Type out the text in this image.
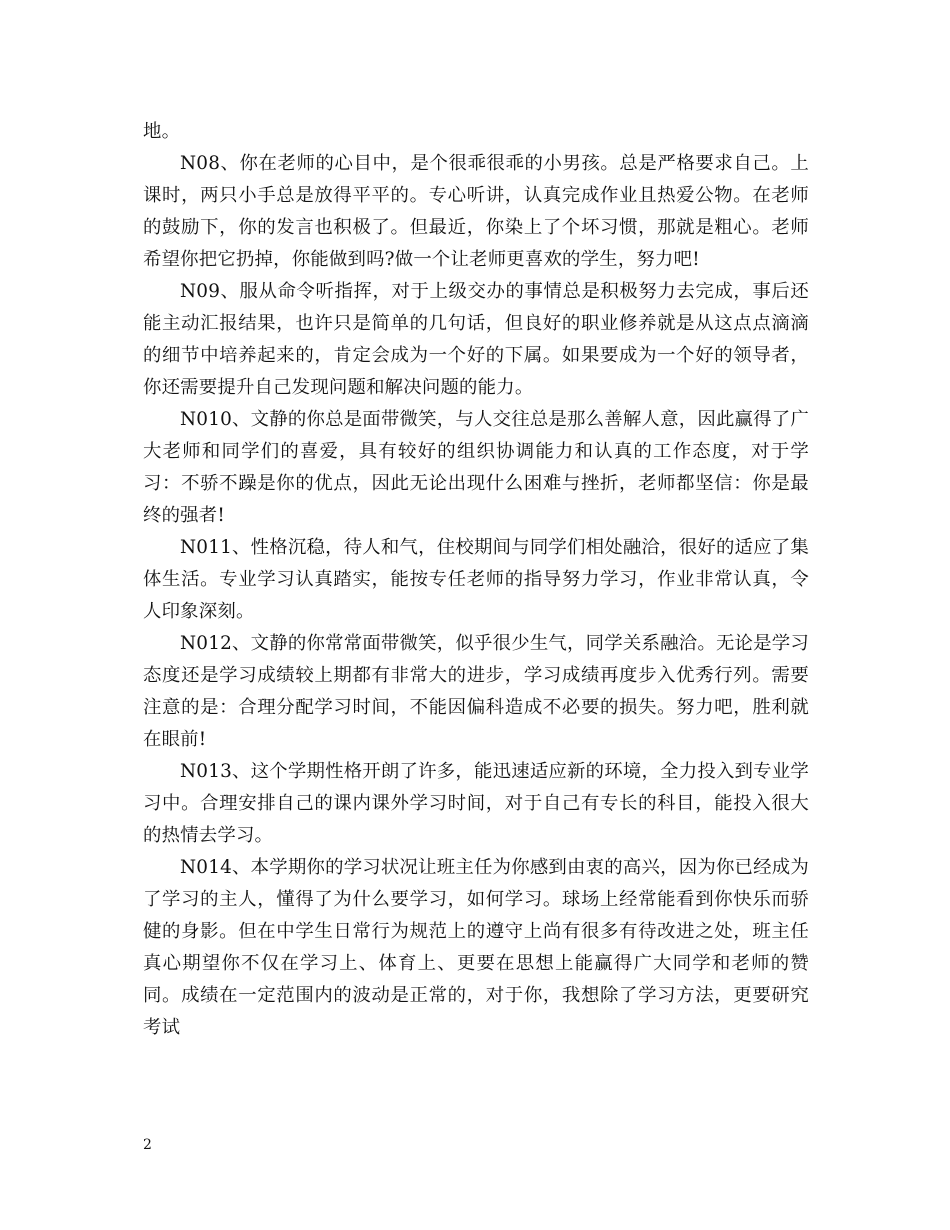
地。

N08、你在老师的心目中，是个很乖很乖的小男孩。总是严格要求自己。上课时，两只小手总是放得平平的。专心听讲，认真完成作业且热爱公物。在老师的鼓励下，你的发言也积极了。但最近，你染上了个坏习惯，那就是粗心。老师希望你把它扔掉，你能做到吗?做一个让老师更喜欢的学生，努力吧!

N09、服从命令听指挥，对于上级交办的事情总是积极努力去完成，事后还能主动汇报结果，也许只是简单的几句话，但良好的职业修养就是从这点点滴滴的细节中培养起来的，肯定会成为一个好的下属。如果要成为一个好的领导者，你还需要提升自己发现问题和解决问题的能力。

N010、文静的你总是面带微笑，与人交往总是那么善解人意，因此赢得了广大老师和同学们的喜爱，具有较好的组织协调能力和认真的工作态度，对于学习：不骄不躁是你的优点，因此无论出现什么困难与挫折，老师都坚信：你是最终的强者!

N011、性格沉稳，待人和气，住校期间与同学们相处融洽，很好的适应了集体生活。专业学习认真踏实，能按专任老师的指导努力学习，作业非常认真，令人印象深刻。

N012、文静的你常常面带微笑，似乎很少生气，同学关系融洽。无论是学习态度还是学习成绩较上期都有非常大的进步，学习成绩再度步入优秀行列。需要注意的是：合理分配学习时间，不能因偏科造成不必要的损失。努力吧，胜利就在眼前!

N013、这个学期性格开朗了许多，能迅速适应新的环境，全力投入到专业学习中。合理安排自己的课内课外学习时间，对于自己有专长的科目，能投入很大的热情去学习。

N014、本学期你的学习状况让班主任为你感到由衷的高兴，因为你已经成为了学习的主人，懂得了为什么要学习，如何学习。球场上经常能看到你快乐而骄健的身影。但在中学生日常行为规范上的遵守上尚有很多有待改进之处，班主任真心期望你不仅在学习上、体育上、更要在思想上能赢得广大同学和老师的赞同。成绩在一定范围内的波动是正常的，对于你，我想除了学习方法，更要研究考试

2
